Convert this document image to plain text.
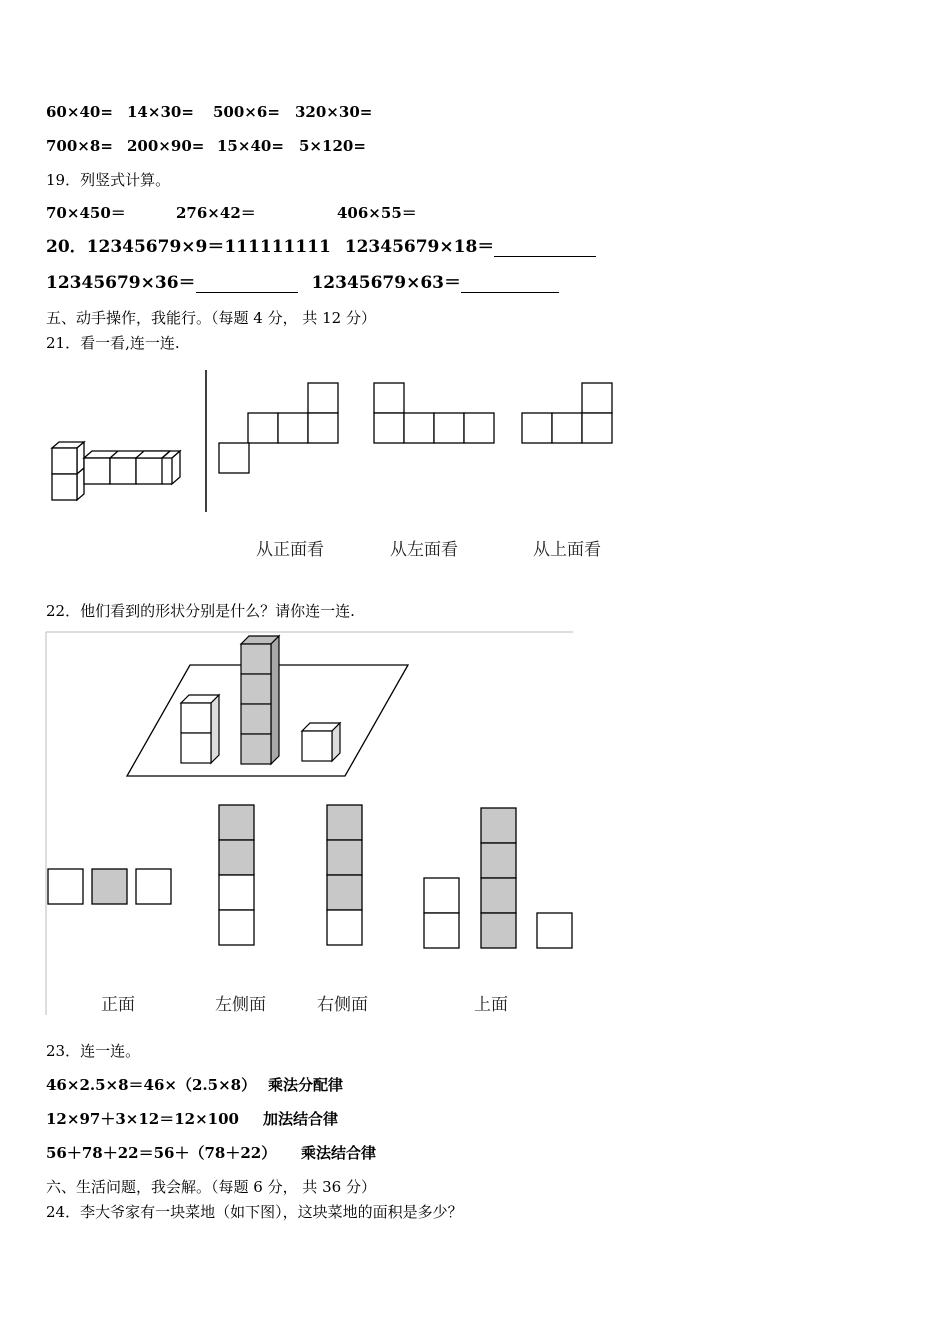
60×40= 14×30= 500×6= 320×30=
700×8= 200×90= 15×40= 5×120=
19．列竖式计算。
70×450＝	276×42＝	406×55＝
20．12345679×9＝111111111 12345679×18＝
12345679×36＝	12345679×63＝
五、动手操作，我能行。（每题 4 分， 共 12 分）
21．看一看,连一连.
从正面看	从左面看	从上面看
22．他们看到的形状分别是什么？请你连一连.
正面	左侧面	右侧面	上面
23．连一连。
46×2.5×8＝46×（2.5×8） 乘法分配律
12×97＋3×12＝12×100 加法结合律
56＋78＋22＝56＋（78＋22） 乘法结合律
六、生活问题，我会解。（每题 6 分， 共 36 分）
24．李大爷家有一块菜地（如下图），这块菜地的面积是多少？
